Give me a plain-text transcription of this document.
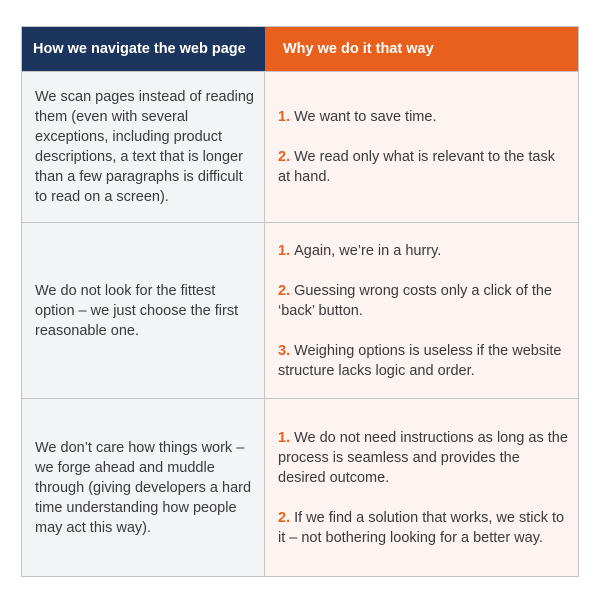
How we navigate the web page	Why we do it that way
We scan pages instead of reading them (even with several exceptions, including product descriptions, a text that is longer than a few paragraphs is difficult to read on a screen).

1. We want to save time.

2. We read only what is relevant to the task at hand.

We do not look for the fittest option – we just choose the first reasonable one.

1. Again, we’re in a hurry.

2. Guessing wrong costs only a click of the ‘back’ button.

3. Weighing options is useless if the website structure lacks logic and order.

We don’t care how things work – we forge ahead and muddle through (giving developers a hard time understanding how people may act this way).

1. We do not need instructions as long as the process is seamless and provides the desired outcome.

2. If we find a solution that works, we stick to it – not bothering looking for a better way.
